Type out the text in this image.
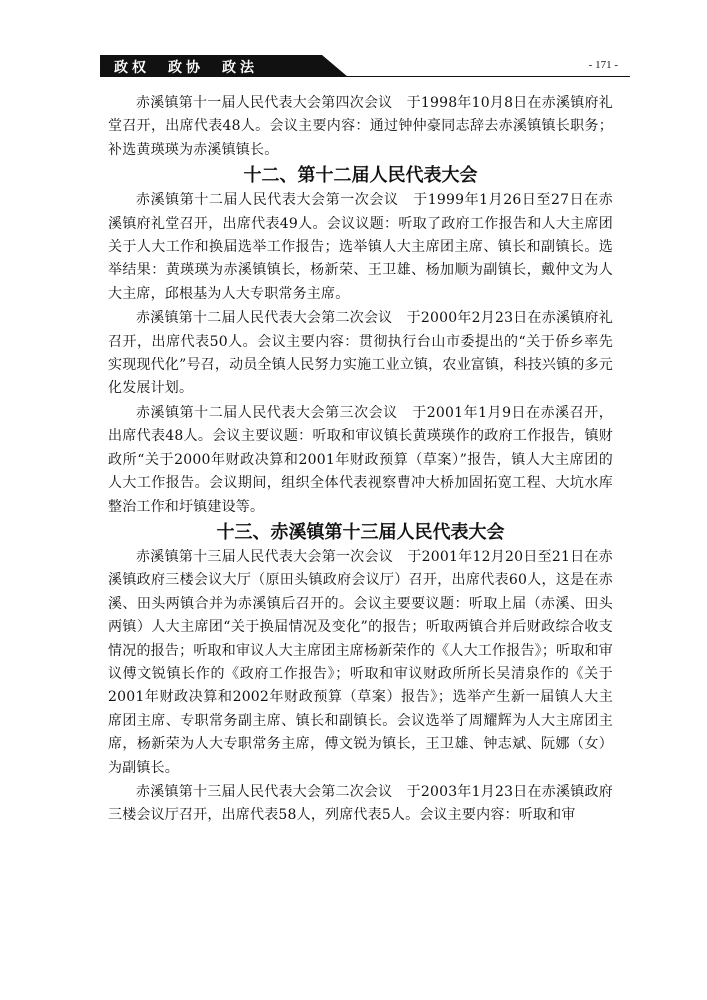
政权　政协　政法	- 171 -

赤溪镇第十一届人民代表大会第四次会议　于1998年10月8日在赤溪镇府礼堂召开，出席代表48人。会议主要内容：通过钟仲豪同志辞去赤溪镇镇长职务；补选黄瑛瑛为赤溪镇镇长。

十二、第十二届人民代表大会

赤溪镇第十二届人民代表大会第一次会议　于1999年1月26日至27日在赤溪镇府礼堂召开，出席代表49人。会议议题：听取了政府工作报告和人大主席团关于人大工作和换届选举工作报告；选举镇人大主席团主席、镇长和副镇长。选举结果：黄瑛瑛为赤溪镇镇长，杨新荣、王卫雄、杨加顺为副镇长，戴仲文为人大主席，邱根基为人大专职常务主席。

赤溪镇第十二届人民代表大会第二次会议　于2000年2月23日在赤溪镇府礼召开，出席代表50人。会议主要内容：贯彻执行台山市委提出的“关于侨乡率先实现现代化”号召，动员全镇人民努力实施工业立镇，农业富镇，科技兴镇的多元化发展计划。

赤溪镇第十二届人民代表大会第三次会议　于2001年1月9日在赤溪召开，出席代表48人。会议主要议题：听取和审议镇长黄瑛瑛作的政府工作报告，镇财政所“关于2000年财政决算和2001年财政预算（草案）”报告，镇人大主席团的人大工作报告。会议期间，组织全体代表视察曹冲大桥加固拓宽工程、大坑水库整治工作和圩镇建设等。

十三、赤溪镇第十三届人民代表大会

赤溪镇第十三届人民代表大会第一次会议　于2001年12月20日至21日在赤溪镇政府三楼会议大厅（原田头镇政府会议厅）召开，出席代表60人，这是在赤溪、田头两镇合并为赤溪镇后召开的。会议主要要议题：听取上届（赤溪、田头两镇）人大主席团“关于换届情况及变化”的报告；听取两镇合并后财政综合收支情况的报告；听取和审议人大主席团主席杨新荣作的《人大工作报告》；听取和审议傅文锐镇长作的《政府工作报告》；听取和审议财政所所长吴清泉作的《关于2001年财政决算和2002年财政预算（草案）报告》；选举产生新一届镇人大主席团主席、专职常务副主席、镇长和副镇长。会议选举了周耀辉为人大主席团主席，杨新荣为人大专职常务主席，傅文锐为镇长，王卫雄、钟志斌、阮娜（女）为副镇长。

赤溪镇第十三届人民代表大会第二次会议　于2003年1月23日在赤溪镇政府三楼会议厅召开，出席代表58人，列席代表5人。会议主要内容：听取和审
